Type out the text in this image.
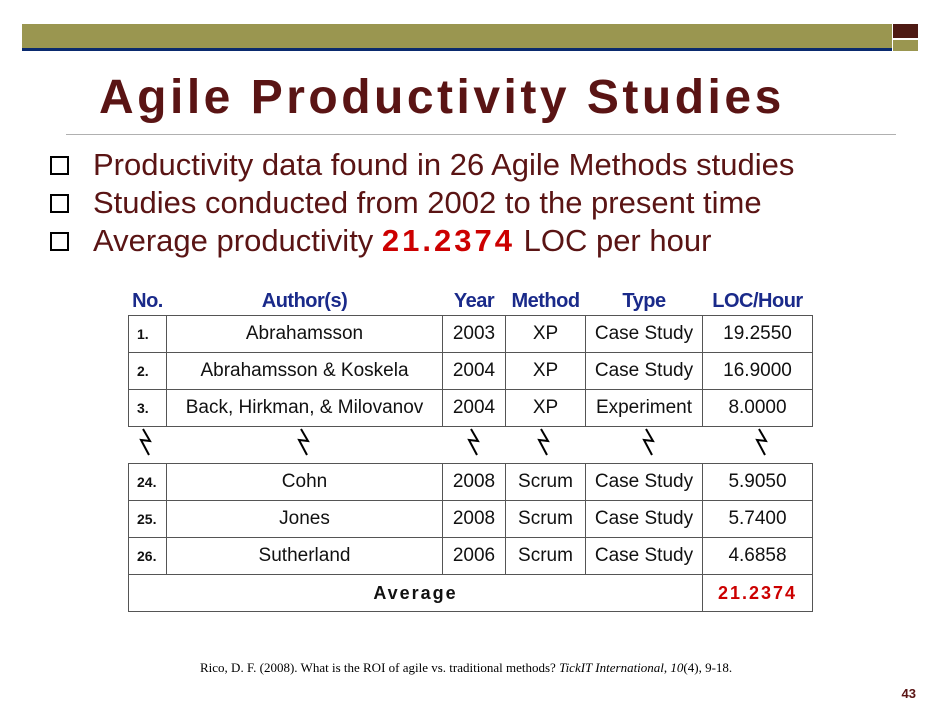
Agile Productivity Studies
Productivity data found in 26 Agile Methods studies
Studies conducted from 2002 to the present time
Average productivity 21.2374 LOC per hour
No.	Author(s)	Year	Method	Type	LOC/Hour
1.	Abrahamsson	2003	XP	Case Study	19.2550
2.	Abrahamsson & Koskela	2004	XP	Case Study	16.9000
3.	Back, Hirkman, & Milovanov	2004	XP	Experiment	8.0000
24.	Cohn	2008	Scrum	Case Study	5.9050
25.	Jones	2008	Scrum	Case Study	5.7400
26.	Sutherland	2006	Scrum	Case Study	4.6858
Average					21.2374
Rico, D. F. (2008). What is the ROI of agile vs. traditional methods? TickIT International, 10(4), 9-18.
43
